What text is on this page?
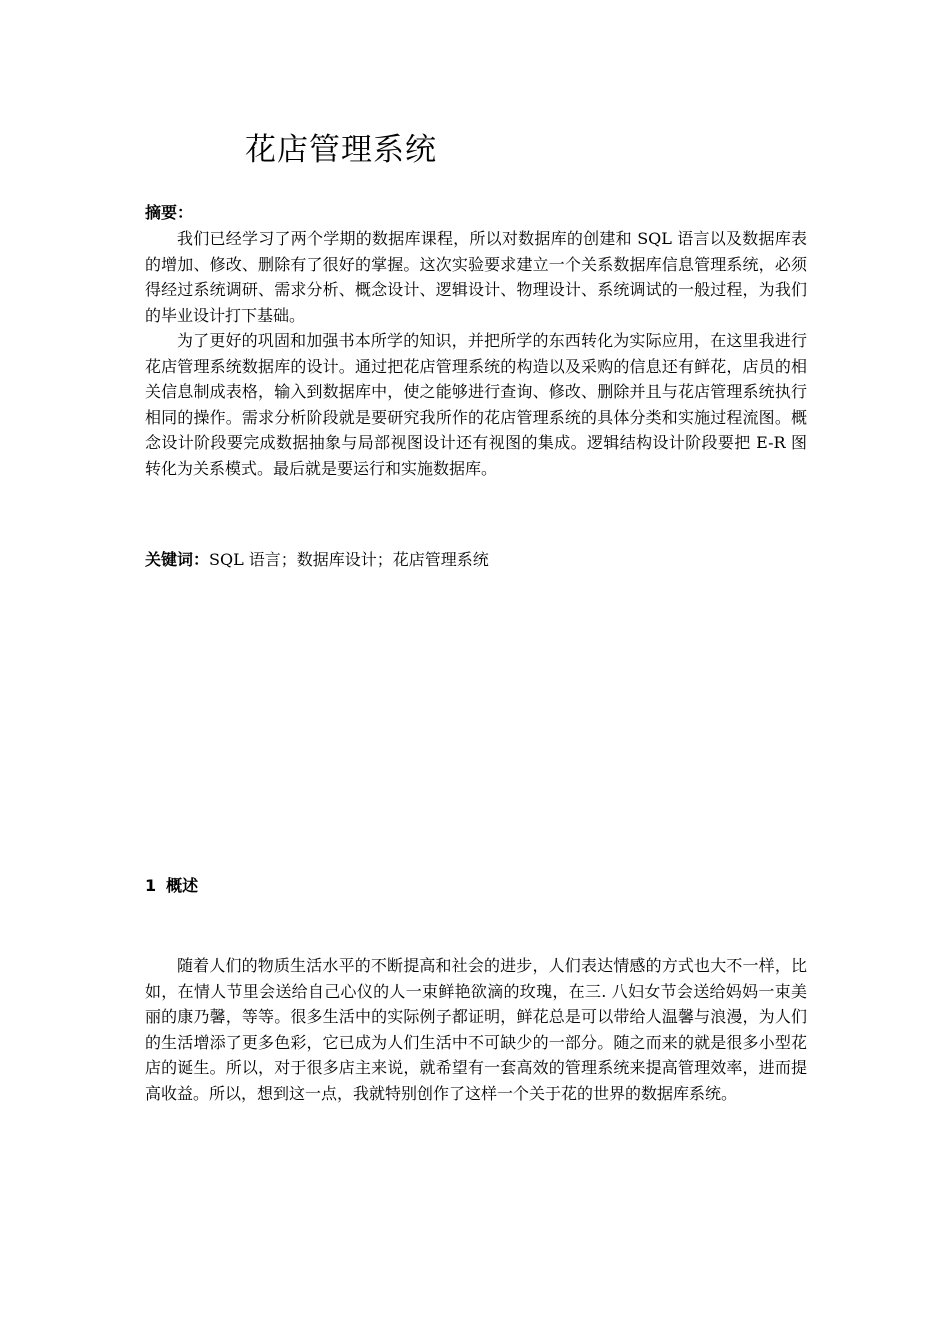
花店管理系统
摘要：

我们已经学习了两个学期的数据库课程，所以对数据库的创建和 SQL 语言以及数据库表的增加、修改、删除有了很好的掌握。这次实验要求建立一个关系数据库信息管理系统，必须得经过系统调研、需求分析、概念设计、逻辑设计、物理设计、系统调试的一般过程，为我们的毕业设计打下基础。

为了更好的巩固和加强书本所学的知识，并把所学的东西转化为实际应用，在这里我进行花店管理系统数据库的设计。通过把花店管理系统的构造以及采购的信息还有鲜花，店员的相关信息制成表格，输入到数据库中，使之能够进行查询、修改、删除并且与花店管理系统执行相同的操作。需求分析阶段就是要研究我所作的花店管理系统的具体分类和实施过程流图。概念设计阶段要完成数据抽象与局部视图设计还有视图的集成。逻辑结构设计阶段要把 E-R 图转化为关系模式。最后就是要运行和实施数据库。

关键词：SQL 语言；数据库设计；花店管理系统
1 概述

随着人们的物质生活水平的不断提高和社会的进步，人们表达情感的方式也大不一样，比如，在情人节里会送给自己心仪的人一束鲜艳欲滴的玫瑰，在三. 八妇女节会送给妈妈一束美丽的康乃馨，等等。很多生活中的实际例子都证明，鲜花总是可以带给人温馨与浪漫，为人们的生活增添了更多色彩，它已成为人们生活中不可缺少的一部分。随之而来的就是很多小型花店的诞生。所以，对于很多店主来说，就希望有一套高效的管理系统来提高管理效率，进而提高收益。所以，想到这一点，我就特别创作了这样一个关于花的世界的数据库系统。
